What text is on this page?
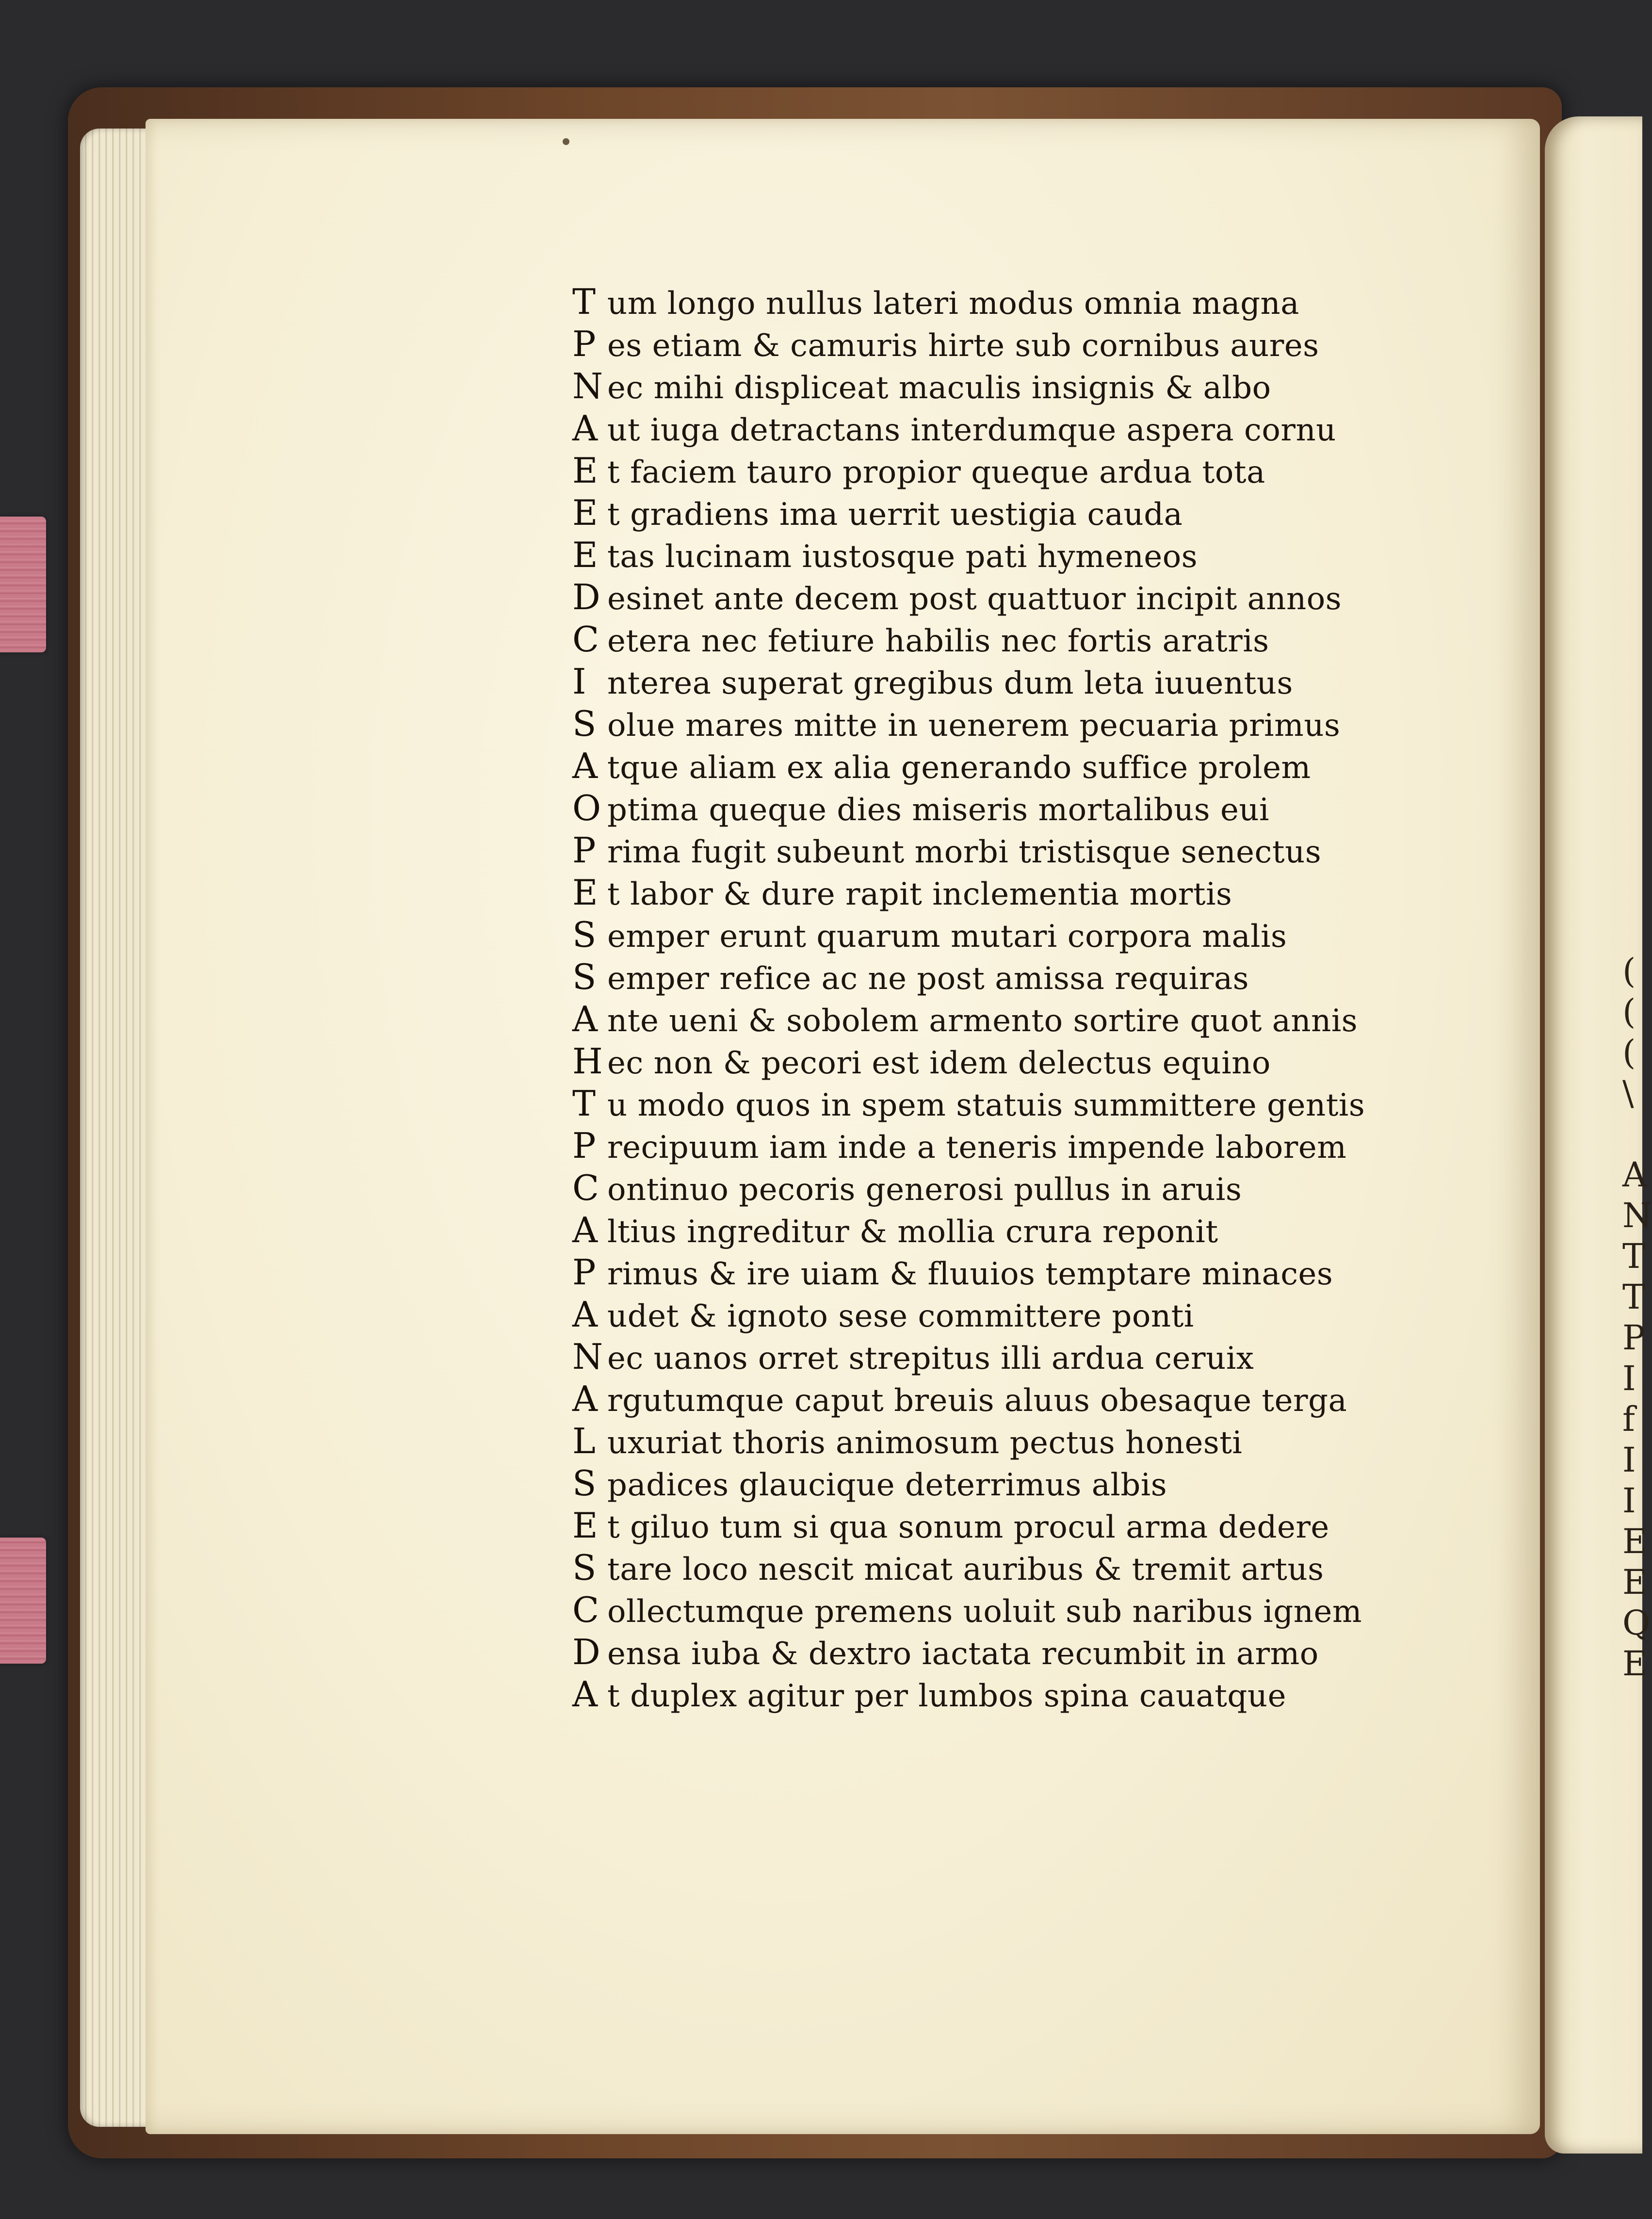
(
(
(
\

A
N
T
T
P
I
f
I
I
E
E
Q
E
T um longo nullus lateri modus omnia magna
P es etiam & camuris hirte sub cornibus aures
N ec mihi displiceat maculis insignis & albo
A ut iuga detractans interdumque aspera cornu
E t faciem tauro propior queque ardua tota
E t gradiens ima uerrit uestigia cauda
E tas lucinam iustosque pati hymeneos
D esinet ante decem post quattuor incipit annos
C etera nec fetiure habilis nec fortis aratris
I nterea superat gregibus dum leta iuuentus
S olue mares mitte in uenerem pecuaria primus
A tque aliam ex alia generando suffice prolem
O ptima queque dies miseris mortalibus eui
P rima fugit subeunt morbi tristisque senectus
E t labor & dure rapit inclementia mortis
S emper erunt quarum mutari corpora malis
S emper refice ac ne post amissa requiras
A nte ueni & sobolem armento sortire quot annis
H ec non & pecori est idem delectus equino
T u modo quos in spem statuis summittere gentis
P recipuum iam inde a teneris impende laborem
C ontinuo pecoris generosi pullus in aruis
A ltius ingreditur & mollia crura reponit
P rimus & ire uiam & fluuios temptare minaces
A udet & ignoto sese committere ponti
N ec uanos orret strepitus illi ardua ceruix
A rgutumque caput breuis aluus obesaque terga
L uxuriat thoris animosum pectus honesti
S padices glaucique deterrimus albis
E t giluo tum si qua sonum procul arma dedere
S tare loco nescit micat auribus & tremit artus
C ollectumque premens uoluit sub naribus ignem
D ensa iuba & dextro iactata recumbit in armo
A t duplex agitur per lumbos spina cauatque
